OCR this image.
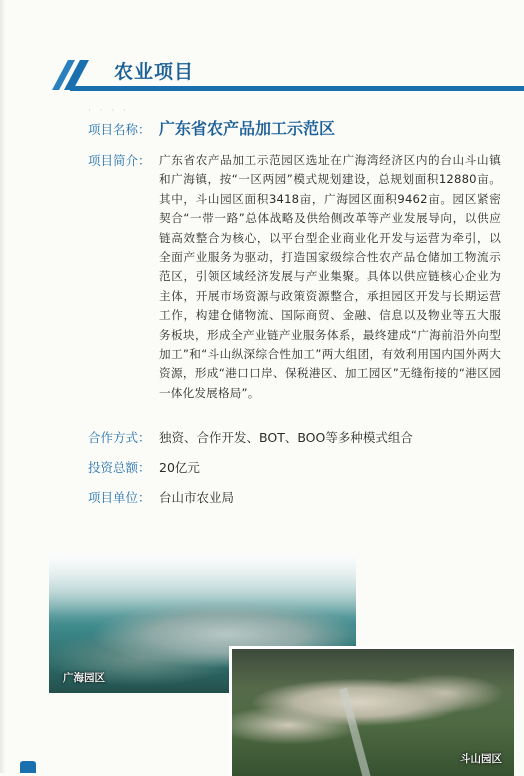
农业项目
· · · ·
项目名称： 广东省农产品加工示范区
项目简介： 广东省农产品加工示范园区选址在广海湾经济区内的台山斗山镇和广海镇，按“一区两园”模式规划建设，总规划面积12880亩。其中，斗山园区面积3418亩，广海园区面积9462亩。园区紧密契合“一带一路”总体战略及供给侧改革等产业发展导向，以供应链高效整合为核心，以平台型企业商业化开发与运营为牵引，以全面产业服务为驱动，打造国家级综合性农产品仓储加工物流示范区，引领区域经济发展与产业集聚。具体以供应链核心企业为主体，开展市场资源与政策资源整合，承担园区开发与长期运营工作，构建仓储物流、国际商贸、金融、信息以及物业等五大服务板块，形成全产业链产业服务体系，最终建成“广海前沿外向型加工”和“斗山纵深综合性加工”两大组团，有效利用国内国外两大资源，形成“港口口岸、保税港区、加工园区”无缝衔接的“港区园一体化发展格局”。
合作方式： 独资、合作开发、BOT、BOO等多种模式组合
投资总额： 20亿元
项目单位： 台山市农业局
广海园区
斗山园区
